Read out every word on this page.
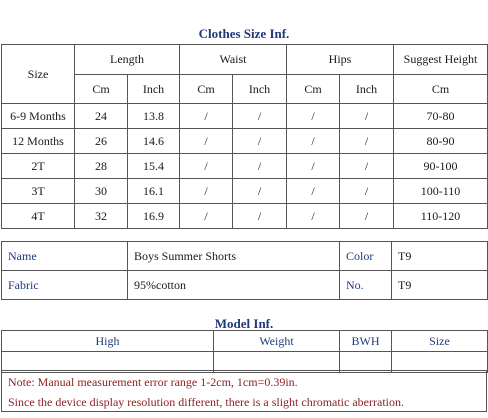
Clothes Size Inf.
Size	Length		Waist		Hips		Suggest Height
	Cm	Inch	Cm	Inch	Cm	Inch	Cm
6-9 Months	24	13.8	/	/	/	/	70-80
12 Months	26	14.6	/	/	/	/	80-90
2T	28	15.4	/	/	/	/	90-100
3T	30	16.1	/	/	/	/	100-110
4T	32	16.9	/	/	/	/	110-120
Name	Boys Summer Shorts	Color	T9
Fabric	95%cotton	No.	T9
Model Inf.
High	Weight	BWH	Size

Note: Manual measurement error range 1-2cm, 1cm=0.39in.
Since the device display resolution different, there is a slight chromatic aberration.
